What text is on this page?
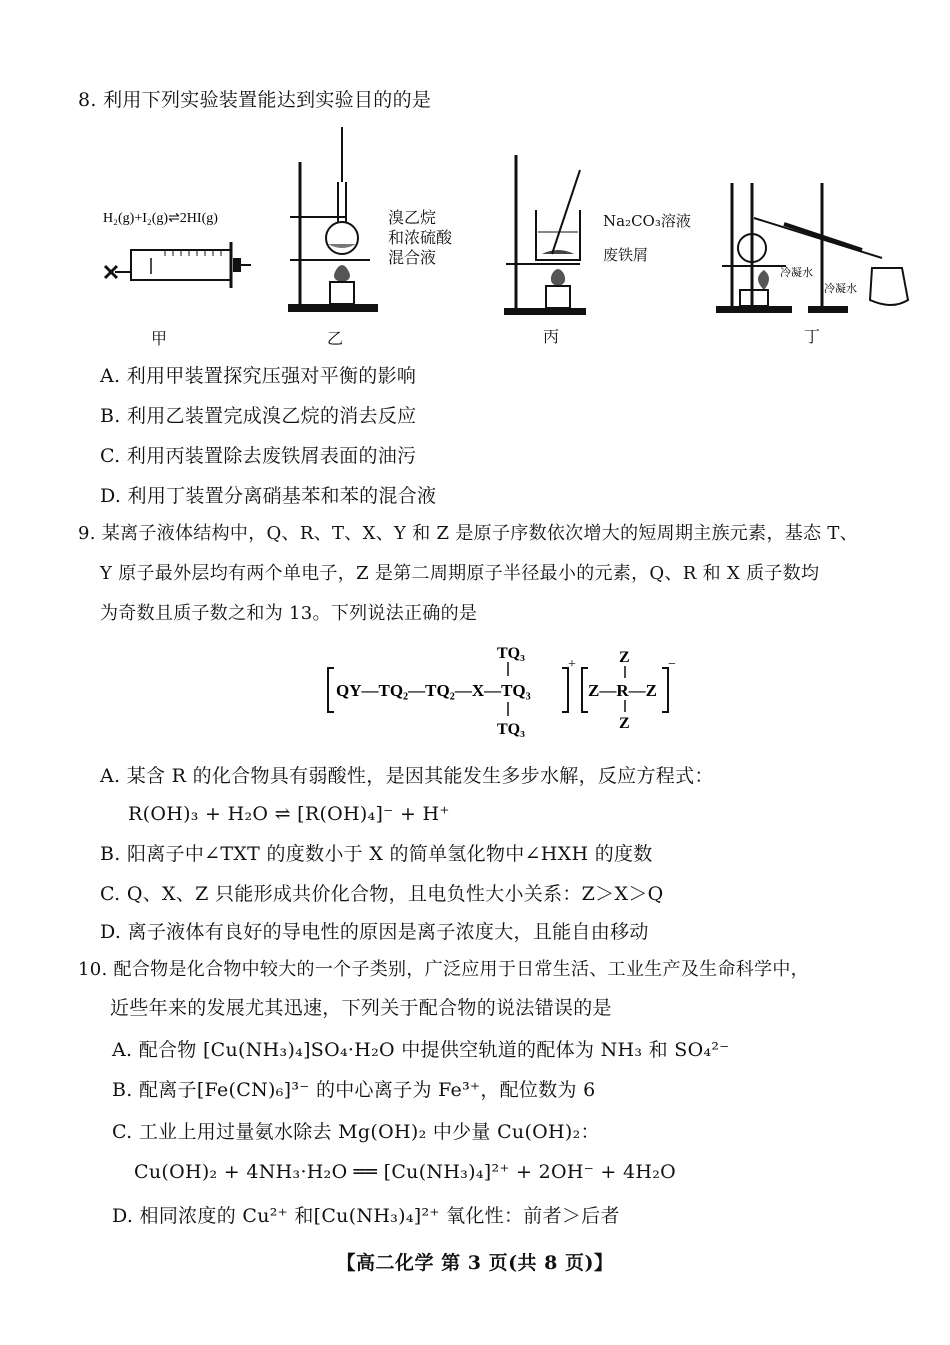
8. 利用下列实验装置能达到实验目的的是
H₂(g)+I₂(g)⇌2HI(g)
甲
溴乙烷
和浓硫酸
混合液
乙
Na₂CO₃溶液
废铁屑
丙
冷凝水
冷凝水
丁
A. 利用甲装置探究压强对平衡的影响
B. 利用乙装置完成溴乙烷的消去反应
C. 利用丙装置除去废铁屑表面的油污
D. 利用丁装置分离硝基苯和苯的混合液
9. 某离子液体结构中，Q、R、T、X、Y 和 Z 是原子序数依次增大的短周期主族元素，基态 T、
Y 原子最外层均有两个单电子，Z 是第二周期原子半径最小的元素，Q、R 和 X 质子数均
为奇数且质子数之和为 13。下列说法正确的是
QY—TQ₂—TQ₂—X—TQ₃
TQ₃
TQ₃
+
Z—R—Z
Z
Z
−
A. 某含 R 的化合物具有弱酸性，是因其能发生多步水解，反应方程式：
R(OH)₃ + H₂O ⇌ [R(OH)₄]⁻ + H⁺
B. 阳离子中∠TXT 的度数小于 X 的简单氢化物中∠HXH 的度数
C. Q、X、Z 只能形成共价化合物，且电负性大小关系：Z＞X＞Q
D. 离子液体有良好的导电性的原因是离子浓度大，且能自由移动
10. 配合物是化合物中较大的一个子类别，广泛应用于日常生活、工业生产及生命科学中，
近些年来的发展尤其迅速，下列关于配合物的说法错误的是
A. 配合物 [Cu(NH₃)₄]SO₄·H₂O 中提供空轨道的配体为 NH₃ 和 SO₄²⁻
B. 配离子[Fe(CN)₆]³⁻ 的中心离子为 Fe³⁺，配位数为 6
C. 工业上用过量氨水除去 Mg(OH)₂ 中少量 Cu(OH)₂：
Cu(OH)₂ + 4NH₃·H₂O ══ [Cu(NH₃)₄]²⁺ + 2OH⁻ + 4H₂O
D. 相同浓度的 Cu²⁺ 和[Cu(NH₃)₄]²⁺ 氧化性：前者＞后者
【高二化学 第 3 页(共 8 页)】
